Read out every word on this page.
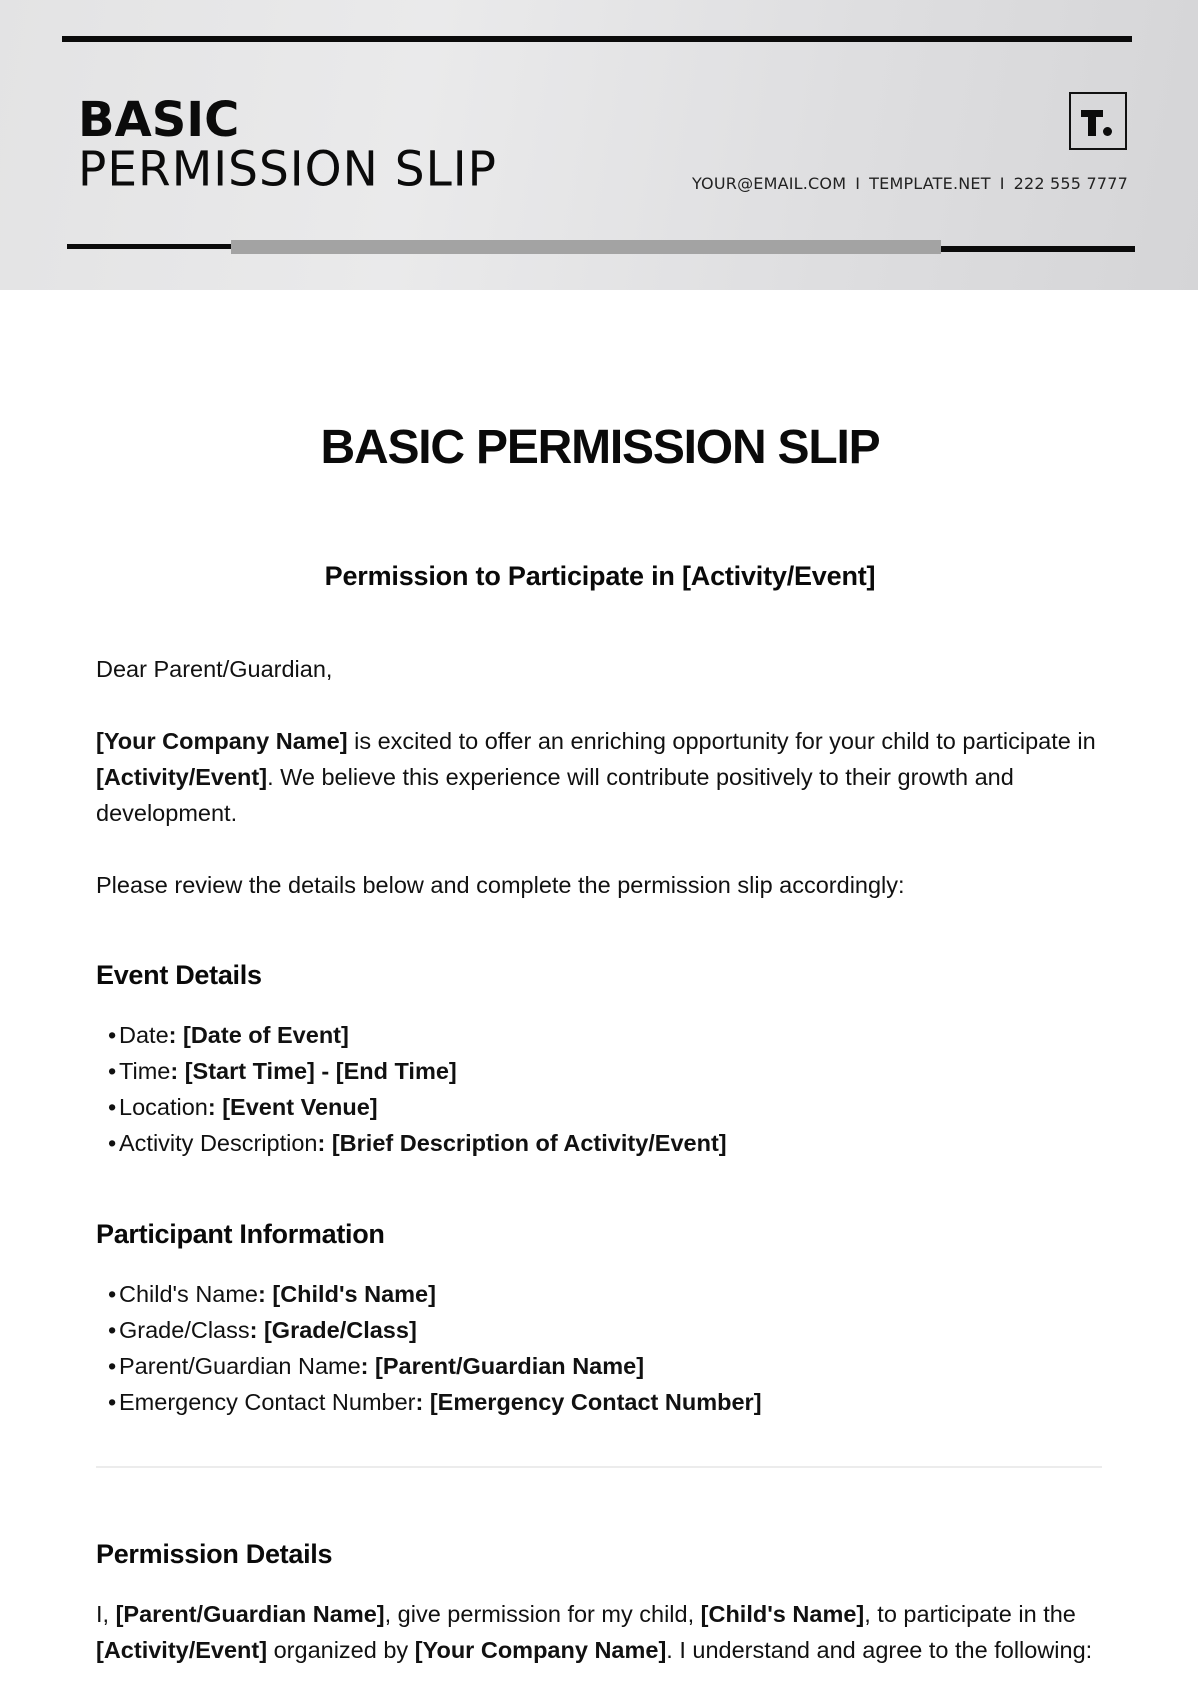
BASIC
PERMISSION SLIP	YOUR@EMAIL.COM I TEMPLATE.NET I 222 555 7777
BASIC PERMISSION SLIP
Permission to Participate in [Activity/Event]
Dear Parent/Guardian,
[Your Company Name] is excited to offer an enriching opportunity for your child to participate in [Activity/Event]. We believe this experience will contribute positively to their growth and development.
Please review the details below and complete the permission slip accordingly:
Event Details
• Date: [Date of Event]
• Time: [Start Time] - [End Time]
• Location: [Event Venue]
• Activity Description: [Brief Description of Activity/Event]
Participant Information
• Child's Name: [Child's Name]
• Grade/Class: [Grade/Class]
• Parent/Guardian Name: [Parent/Guardian Name]
• Emergency Contact Number: [Emergency Contact Number]
Permission Details
I, [Parent/Guardian Name], give permission for my child, [Child's Name], to participate in the [Activity/Event] organized by [Your Company Name]. I understand and agree to the following:
